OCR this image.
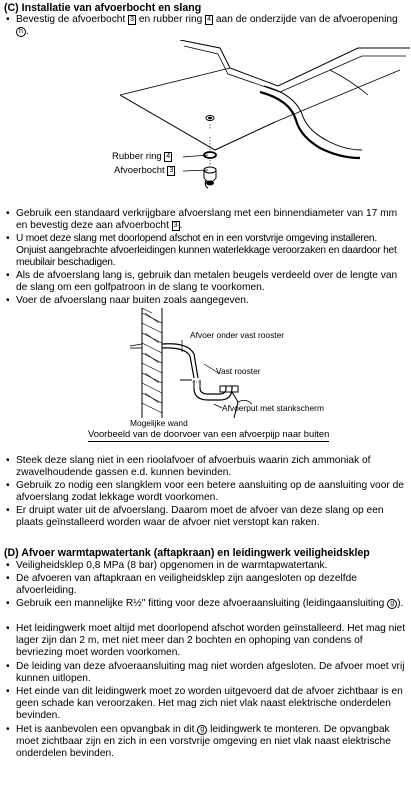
(C) Installatie van afvoerbocht en slang
• Bevestig de afvoerbocht 3 en rubber ring 4 aan de onderzijde van de afvoeropening h .
Rubber ring 4
Afvoerbocht 3
• Gebruik een standaard verkrijgbare afvoerslang met een binnendiameter van 17 mm en bevestig deze aan afvoerbocht 3 .
• U moet deze slang met doorlopend afschot en in een vorstvrije omgeving installeren. Onjuist aangebrachte afvoerleidingen kunnen waterlekkage veroorzaken en daardoor het meubilair beschadigen.
• Als de afvoerslang lang is, gebruik dan metalen beugels verdeeld over de lengte van de slang om een golfpatroon in de slang te voorkomen.
• Voer de afvoerslang naar buiten zoals aangegeven.
Afvoer onder vast rooster
Vast rooster
Afvoerput met stankscherm
Mogelijke wand
Voorbeeld van de doorvoer van een afvoerpijp naar buiten
• Steek deze slang niet in een rioolafvoer of afvoerbuis waarin zich ammoniak of zwavelhoudende gassen e.d. kunnen bevinden.
• Gebruik zo nodig een slangklem voor een betere aansluiting op de aansluiting voor de afvoerslang zodat lekkage wordt voorkomen.
• Er druipt water uit de afvoerslang. Daarom moet de afvoer van deze slang op een plaats geïnstalleerd worden waar de afvoer niet verstopt kan raken.
(D) Afvoer warmtapwatertank (aftapkraan) en leidingwerk veiligheidsklep
• Veiligheidsklep 0,8 MPa (8 bar) opgenomen in de warmtapwatertank.
• De afvoeren van aftapkraan en veiligheidsklep zijn aangesloten op dezelfde afvoerleiding.
• Gebruik een mannelijke R½" fitting voor deze afvoeraansluiting (leidingaansluiting g ).
• Het leidingwerk moet altijd met doorlopend afschot worden geïnstalleerd. Het mag niet lager zijn dan 2 m, met niet meer dan 2 bochten en ophoping van condens of bevriezing moet worden voorkomen.
• De leiding van deze afvoeraansluiting mag niet worden afgesloten. De afvoer moet vrij kunnen uitlopen.
• Het einde van dit leidingwerk moet zo worden uitgevoerd dat de afvoer zichtbaar is en geen schade kan veroorzaken. Het mag zich niet vlak naast elektrische onderdelen bevinden.
• Het is aanbevolen een opvangbak in dit g leidingwerk te monteren. De opvangbak moet zichtbaar zijn en zich in een vorstvrije omgeving en niet vlak naast elektrische onderdelen bevinden.
